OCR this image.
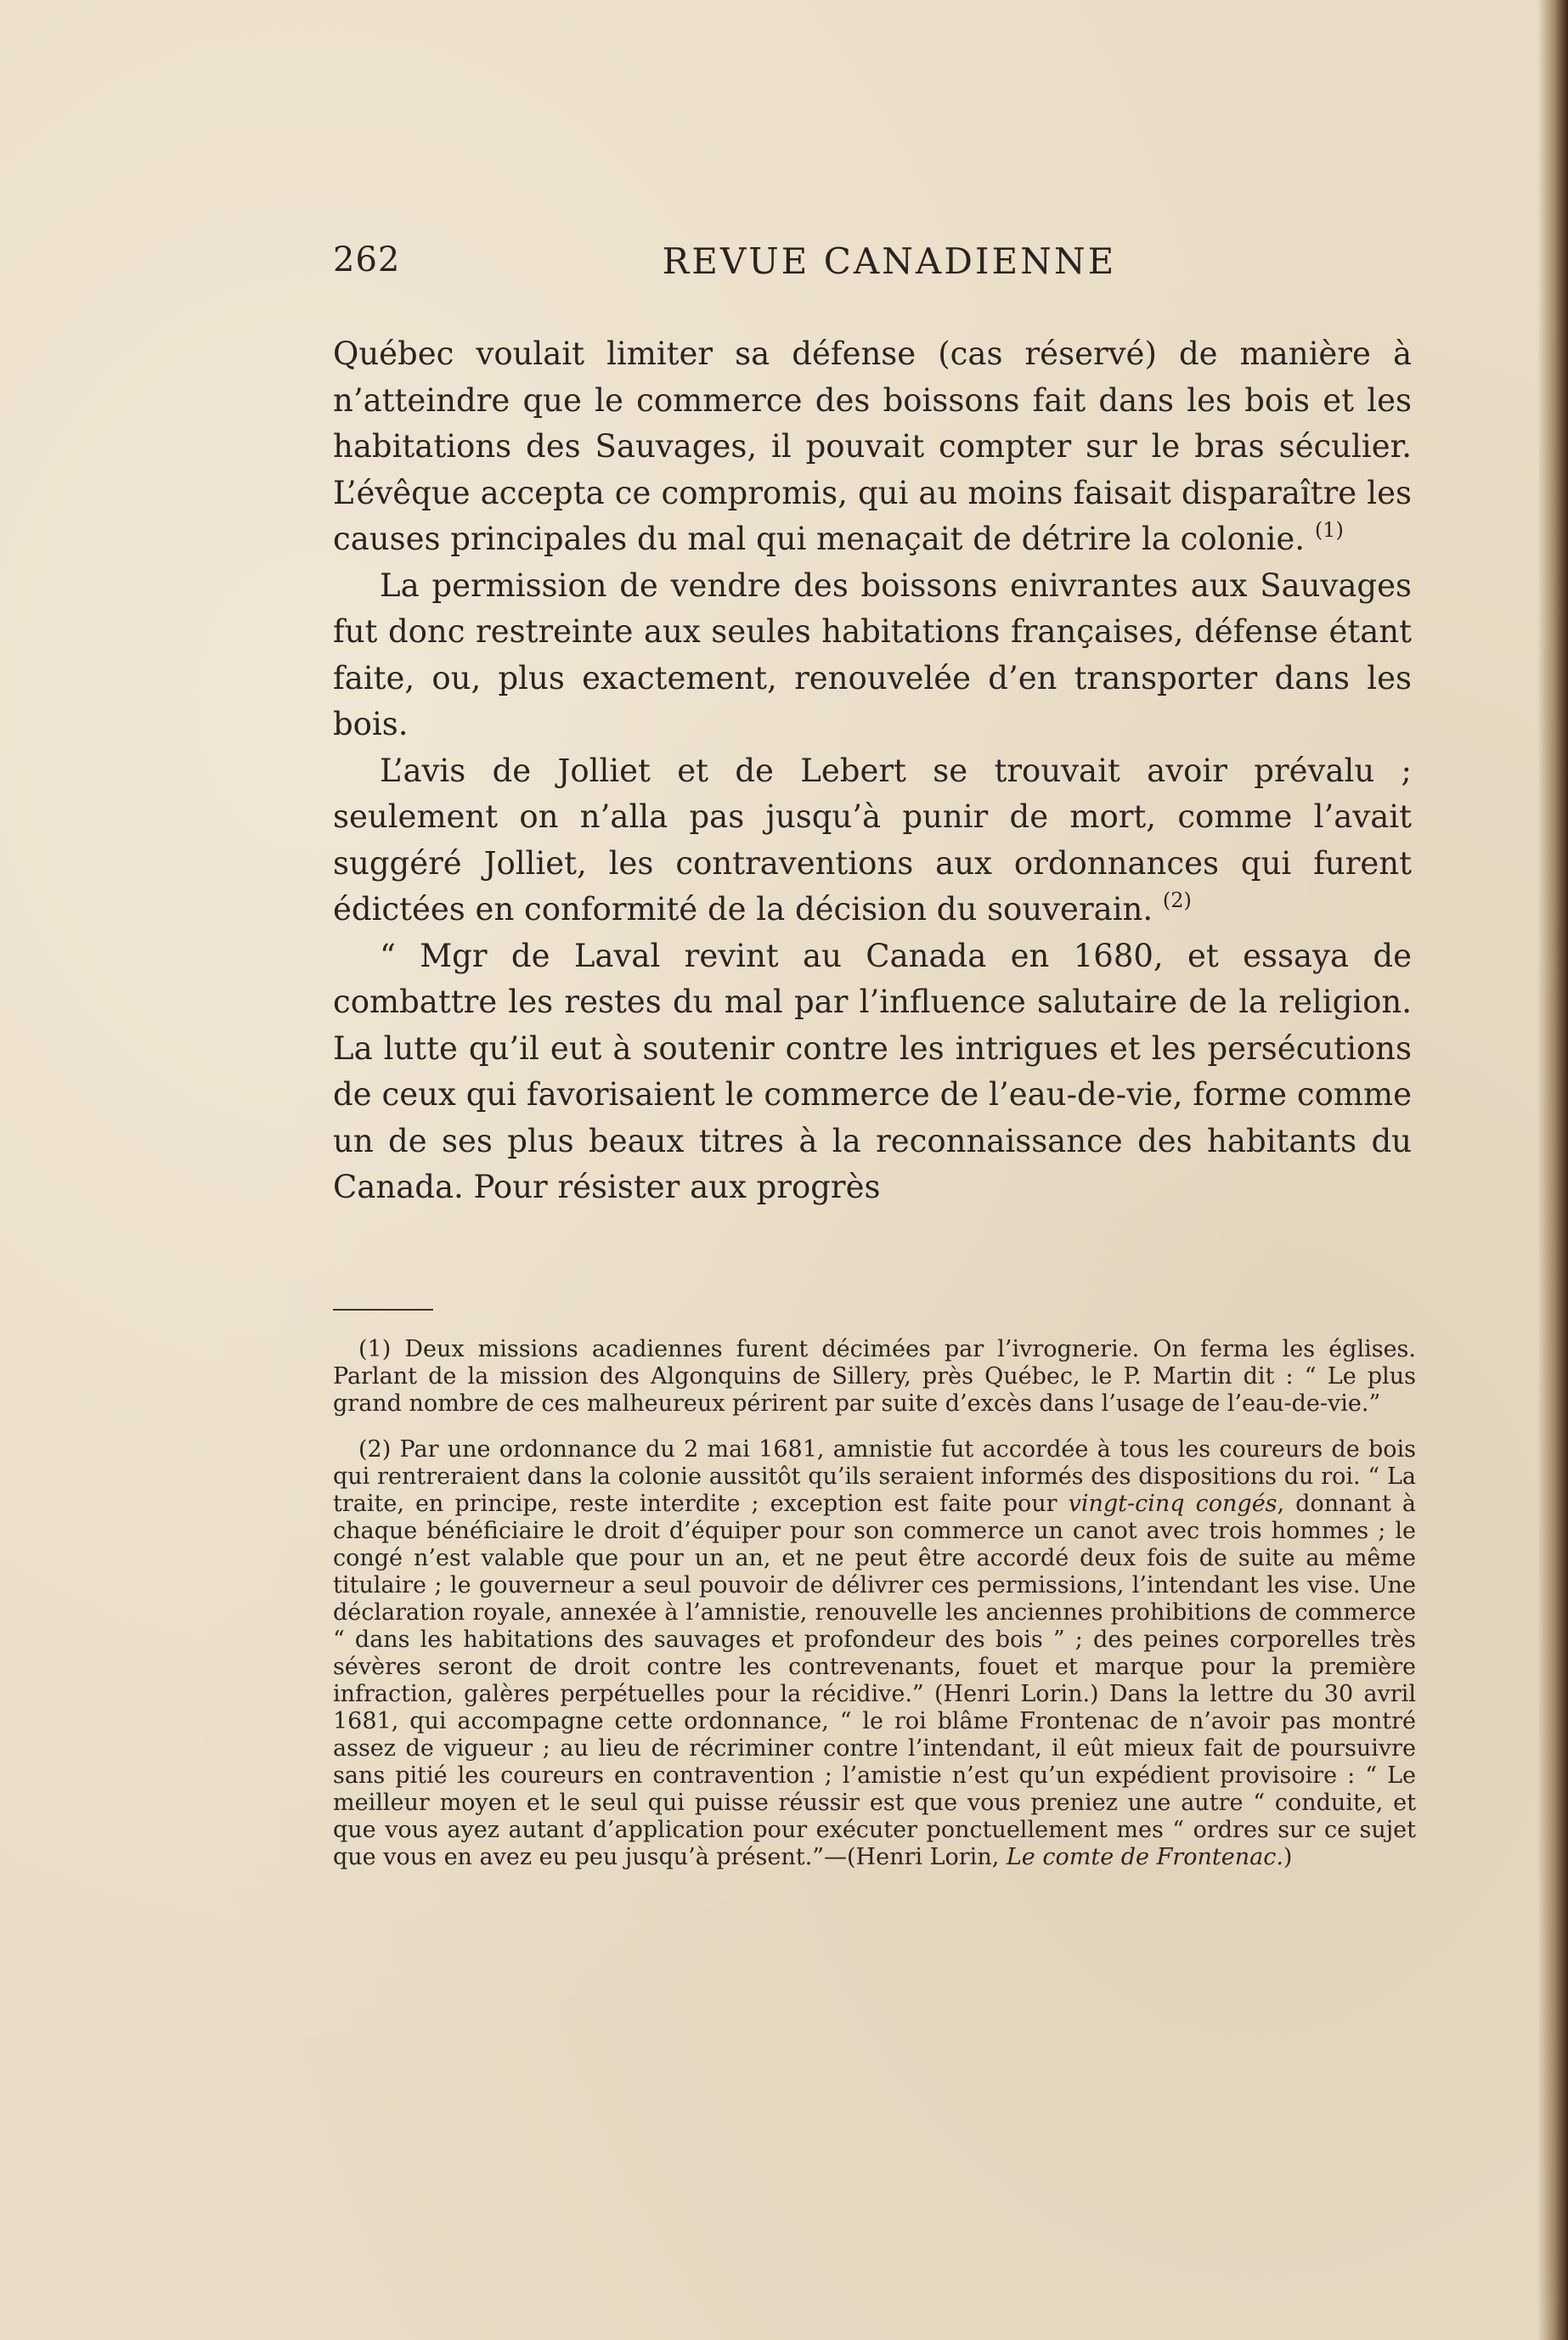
262	REVUE CANADIENNE

Québec voulait limiter sa défense (cas réservé) de manière à n’atteindre que le commerce des boissons fait dans les bois et les habitations des Sauvages, il pouvait compter sur le bras séculier. L’évêque accepta ce compromis, qui au moins faisait disparaître les causes principales du mal qui menaçait de détrire la colonie. $^{(1)}$

La permission de vendre des boissons enivrantes aux Sauvages fut donc restreinte aux seules habitations françaises, défense étant faite, ou, plus exactement, renouvelée d’en transporter dans les bois.

L’avis de Jolliet et de Lebert se trouvait avoir prévalu ; seulement on n’alla pas jusqu’à punir de mort, comme l’avait suggéré Jolliet, les contraventions aux ordonnances qui furent édictées en conformité de la décision du souverain. $^{(2)}$

“ Mgr de Laval revint au Canada en 1680, et essaya de combattre les restes du mal par l’influence salutaire de la religion. La lutte qu’il eut à soutenir contre les intrigues et les persécutions de ceux qui favorisaient le commerce de l’eau-de-vie, forme comme un de ses plus beaux titres à la reconnaissance des habitants du Canada. Pour résister aux progrès

(1) Deux missions acadiennes furent décimées par l’ivrognerie. On ferma les églises. Parlant de la mission des Algonquins de Sillery, près Québec, le P. Martin dit : “ Le plus grand nombre de ces malheureux périrent par suite d’excès dans l’usage de l’eau-de-vie.”

(2) Par une ordonnance du 2 mai 1681, amnistie fut accordée à tous les coureurs de bois qui rentreraient dans la colonie aussitôt qu’ils seraient informés des dispositions du roi. “ La traite, en principe, reste interdite ; exception est faite pour vingt-cinq congés, donnant à chaque bénéficiaire le droit d’équiper pour son commerce un canot avec trois hommes ; le congé n’est valable que pour un an, et ne peut être accordé deux fois de suite au même titulaire ; le gouverneur a seul pouvoir de délivrer ces permissions, l’intendant les vise. Une déclaration royale, annexée à l’amnistie, renouvelle les anciennes prohibitions de commerce “ dans les habitations des sauvages et profondeur des bois ” ; des peines corporelles très sévères seront de droit contre les contrevenants, fouet et marque pour la première infraction, galères perpétuelles pour la récidive.” (Henri Lorin.) Dans la lettre du 30 avril 1681, qui accompagne cette ordonnance, “ le roi blâme Frontenac de n’avoir pas montré assez de vigueur ; au lieu de récriminer contre l’intendant, il eût mieux fait de poursuivre sans pitié les coureurs en contravention ; l’amistie n’est qu’un expédient provisoire : “ Le meilleur moyen et le seul qui puisse réussir est que vous preniez une autre “ conduite, et que vous ayez autant d’application pour exécuter ponctuellement mes “ ordres sur ce sujet que vous en avez eu peu jusqu’à présent.”—(Henri Lorin, Le comte de Frontenac.)
